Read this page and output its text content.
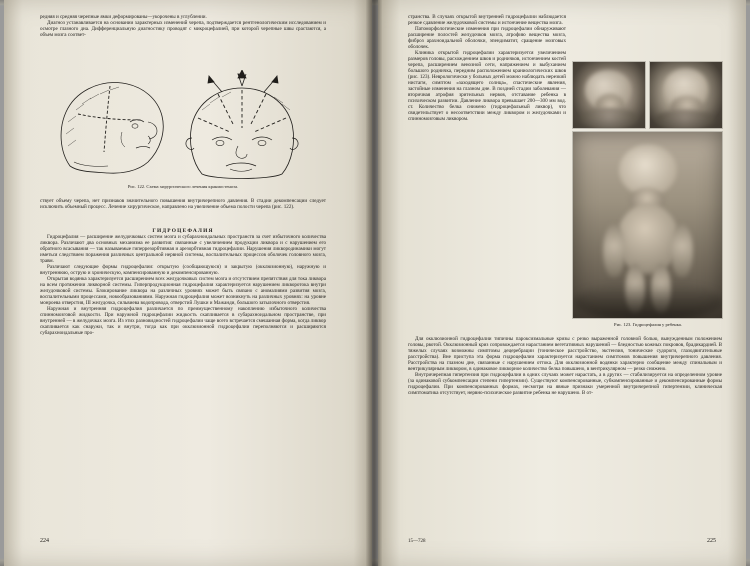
редняя и средняя черепные ямки деформированы—укорочены в углублении.

Диагноз устанавливается на основании характерных изменений черепа, подтверждается рентгенологическим исследованием и осмотре глазного дна. Дифференциальную диагностику проводят с микроцефалией, при которой черепные швы срастаются, а объем мозга соответ-

Рис. 122. Схема хирургического лечения краниостеноза.

ствует объему черепа, нет признаков значительного повышения внутричерепного давления. В стадии декомпенсации следует исключить объемный процесс. Лечение хирургическое, направлено на увеличение объема полости черепа (рис. 122).

ГИДРОЦЕФАЛИЯ

Гидроцефалия — расширение желудочковых систем мозга и субарахноидальных пространств за счет избыточного количества ликвора. Различают два основных механизма ее развития: связанные с увеличением продукции ликвора и с нарушением его обратного всасывания — так называемые гиперрезорбтивная и арезорбтивная гидроцефалии. Нарушения ликвородинамики могут иметься следствием поражения различных центральной нервной системы, воспалительных процессов оболочек головного мозга, травм.

Различают следующие формы гидроцефалии: открытую (сообщающуюся) и закрытую (окклюзионную), наружную и внутреннюю, острую и хроническую, компенсированную и декомпенсированную.

Открытая водянка характеризуется расширением всех желудочковых систем мозга и отсутствием препятствия для тока ликвора на всем протяжении ликворной системы. Гиперпродукционная гидроцефалия характеризуется нарушением ликворотока внутри желудочковой системы. Блокирование ликвора на различных уровнях может быть связано с аномалиями развития мозга, воспалительными процессами, новообразованиями. Наружная гидроцефалия может возникнуть на различных уровнях: на уровне монроева отверстия, III желудочка, сильвиева водопровода, отверстий Лушки и Мажанди, большого затылочного отверстия.

Наружная и внутренняя гидроцефалия различается по преимущественному накоплению избыточного количества спинномозговой жидкости. При наружной гидроцефалии жидкость скапливается в субарахноидальном пространстве, при внутренней — в желудочках мозга. Из этих разновидностей гидроцефалии чаще всего встречается смешанная форма, когда ликвор скапливается как снаружи, так и внутри, тогда как при окклюзионной гидроцефалии переполняются и расширяются субарахноидальные про-

224
Рис. 123. Гидроцефалия у ребенка.

странства. В случаях открытой внутренней гидроцефалии наблюдается резкое сдавление желудочковой системы и истончение вещества мозга.

Патоморфологические изменения при гидроцефалии обнаруживают расширение полостей желудочков мозга, атрофию вещества мозга, фиброз арахноидальной оболочки, эпендиматит, сращение мозговых оболочек.

Клиника открытой гидроцефалии характеризуется увеличением размеров головы, расхождением швов и родничков, истончением костей черепа, расширением венозной сети, напряжением и выбуханием большого родничка, передним расположением краниологических швов (рис. 123). Неврологически у больных детей можно наблюдать нерезкий нистагм, симптом «заходящего солнца», спастические явления, застойные изменения на глазном дне. В поздней стадии заболевания — вторичная атрофия зрительных нервов, отставание ребенка в психическом развитии. Давление ликвора превышает 200—300 мм вод. ст. Количество белка снижено (гидроцефальный ликвор), что свидетельствует о несоответствии между ликвором и желудочками и спинномозговым ликвором.

Для окклюзионной гидроцефалии типичны пароксизмальные кризы с резко выраженной головной болью, вынужденным положением головы, рвотой. Окклюзионный криз сопровождается нарастанием вегетативных нарушений — бледностью кожных покровов, брадикардией. В тяжелых случаях возможны симптомы децеребрации (тоническое расстройство, экстензия, тонические судороги, глазодвигательные расстройства). Вне приступа эта форма гидроцефалии характеризуется нарастанием симптомов повышения внутричерепного давления. Расстройства на глазном дне, связанные с нарушением оттока. Для окклюзионной водянки характерно сообщение между спинальным и вентрикулярным ликвором, в одинаковое ликворное количество белка повышено, в вентрикулярном — резко снижено.

Внутричерепная гипертензия при гидроцефалии в одних случаях может нарастать, а в других — стабилизируется на определенном уровне (за одинаковой субкомпенсации степени гипертензии). Существуют компенсированные, субкомпенсированные и декомпенсированные формы гидроцефалии. При компенсированных формах, несмотря на явные признаки умеренной внутричерепной гипертензии, клиническая симптоматика отсутствует, нервно-психическое развитие ребенка не нарушено. В от-

15—728	225
